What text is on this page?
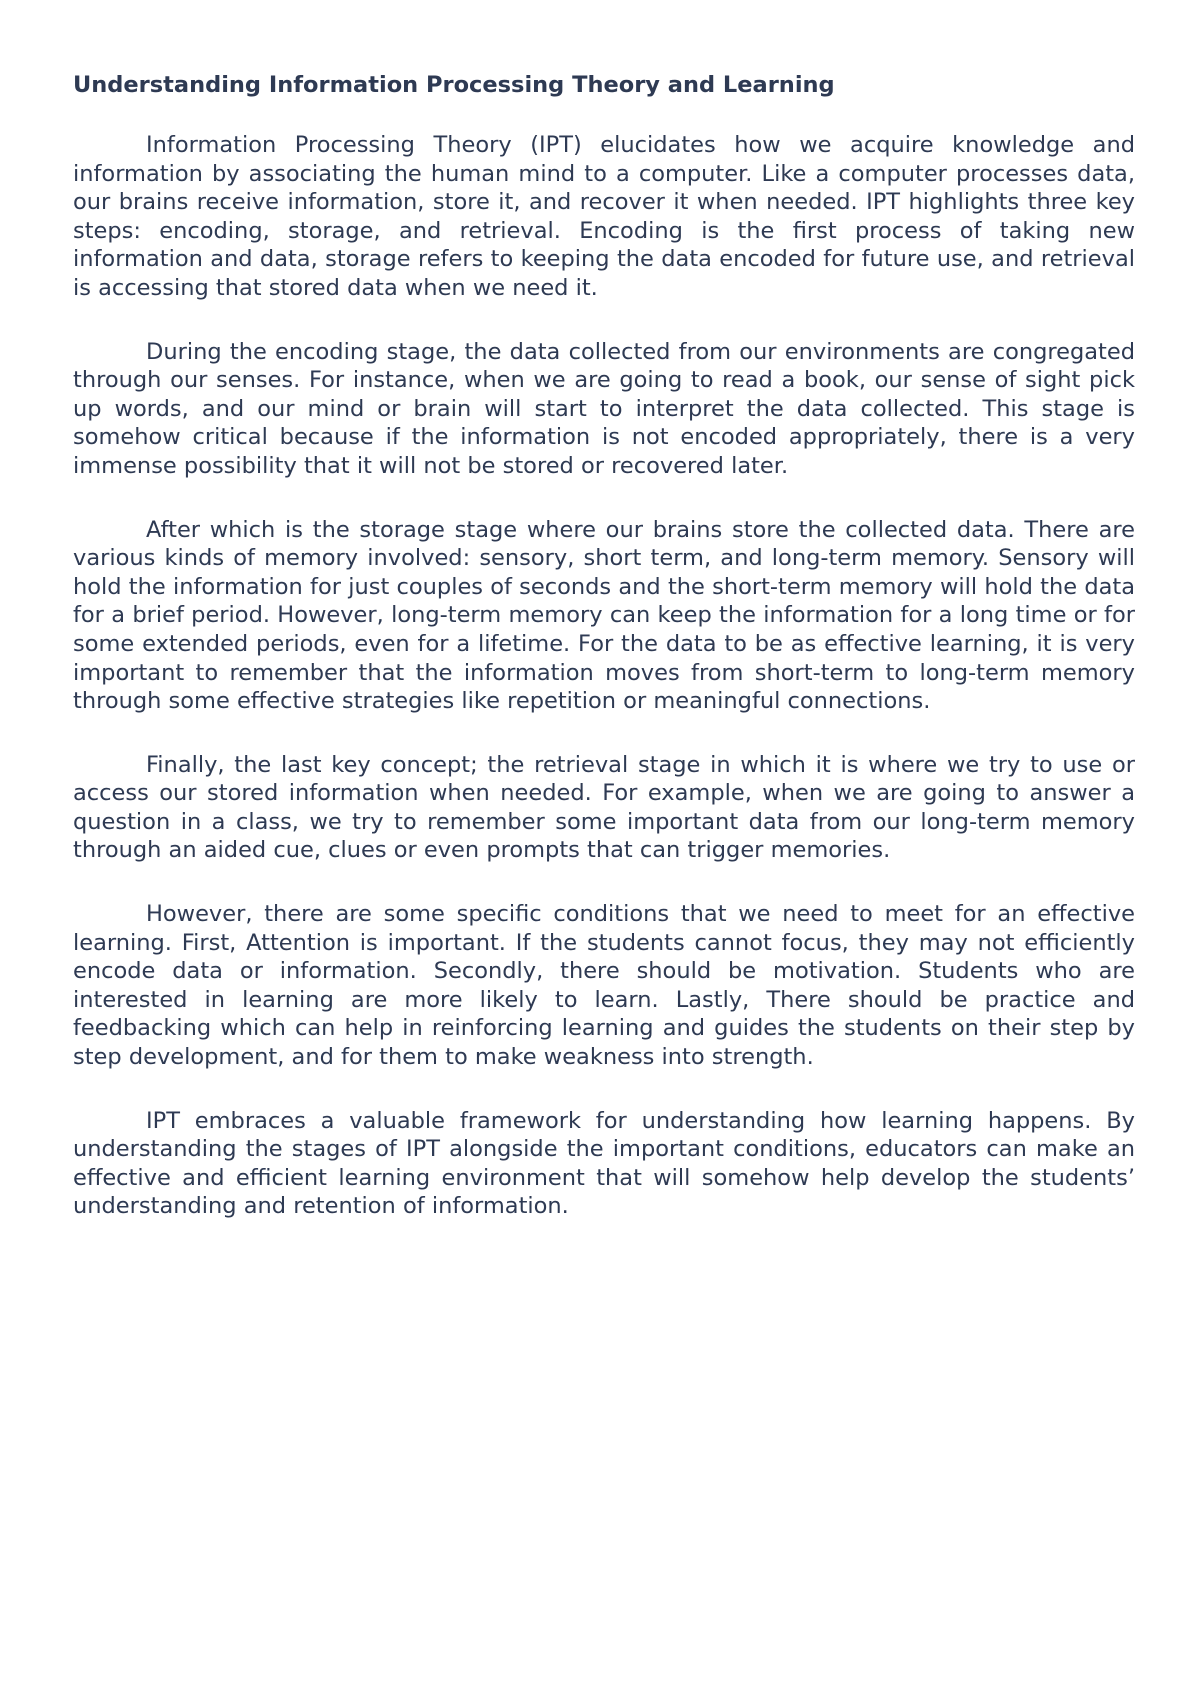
Understanding Information Processing Theory and Learning

Information Processing Theory (IPT) elucidates how we acquire knowledge and information by associating the human mind to a computer. Like a computer processes data, our brains receive information, store it, and recover it when needed. IPT highlights three key steps: encoding, storage, and retrieval. Encoding is the first process of taking new information and data, storage refers to keeping the data encoded for future use, and retrieval is accessing that stored data when we need it.

During the encoding stage, the data collected from our environments are congregated through our senses. For instance, when we are going to read a book, our sense of sight pick up words, and our mind or brain will start to interpret the data collected. This stage is somehow critical because if the information is not encoded appropriately, there is a very immense possibility that it will not be stored or recovered later.

After which is the storage stage where our brains store the collected data. There are various kinds of memory involved: sensory, short term, and long-term memory. Sensory will hold the information for just couples of seconds and the short-term memory will hold the data for a brief period. However, long-term memory can keep the information for a long time or for some extended periods, even for a lifetime. For the data to be as effective learning, it is very important to remember that the information moves from short-term to long-term memory through some effective strategies like repetition or meaningful connections.

Finally, the last key concept; the retrieval stage in which it is where we try to use or access our stored information when needed. For example, when we are going to answer a question in a class, we try to remember some important data from our long-term memory through an aided cue, clues or even prompts that can trigger memories.

However, there are some specific conditions that we need to meet for an effective learning. First, Attention is important. If the students cannot focus, they may not efficiently encode data or information. Secondly, there should be motivation. Students who are interested in learning are more likely to learn. Lastly, There should be practice and feedbacking which can help in reinforcing learning and guides the students on their step by step development, and for them to make weakness into strength.

IPT embraces a valuable framework for understanding how learning happens. By understanding the stages of IPT alongside the important conditions, educators can make an effective and efficient learning environment that will somehow help develop the students’ understanding and retention of information.
